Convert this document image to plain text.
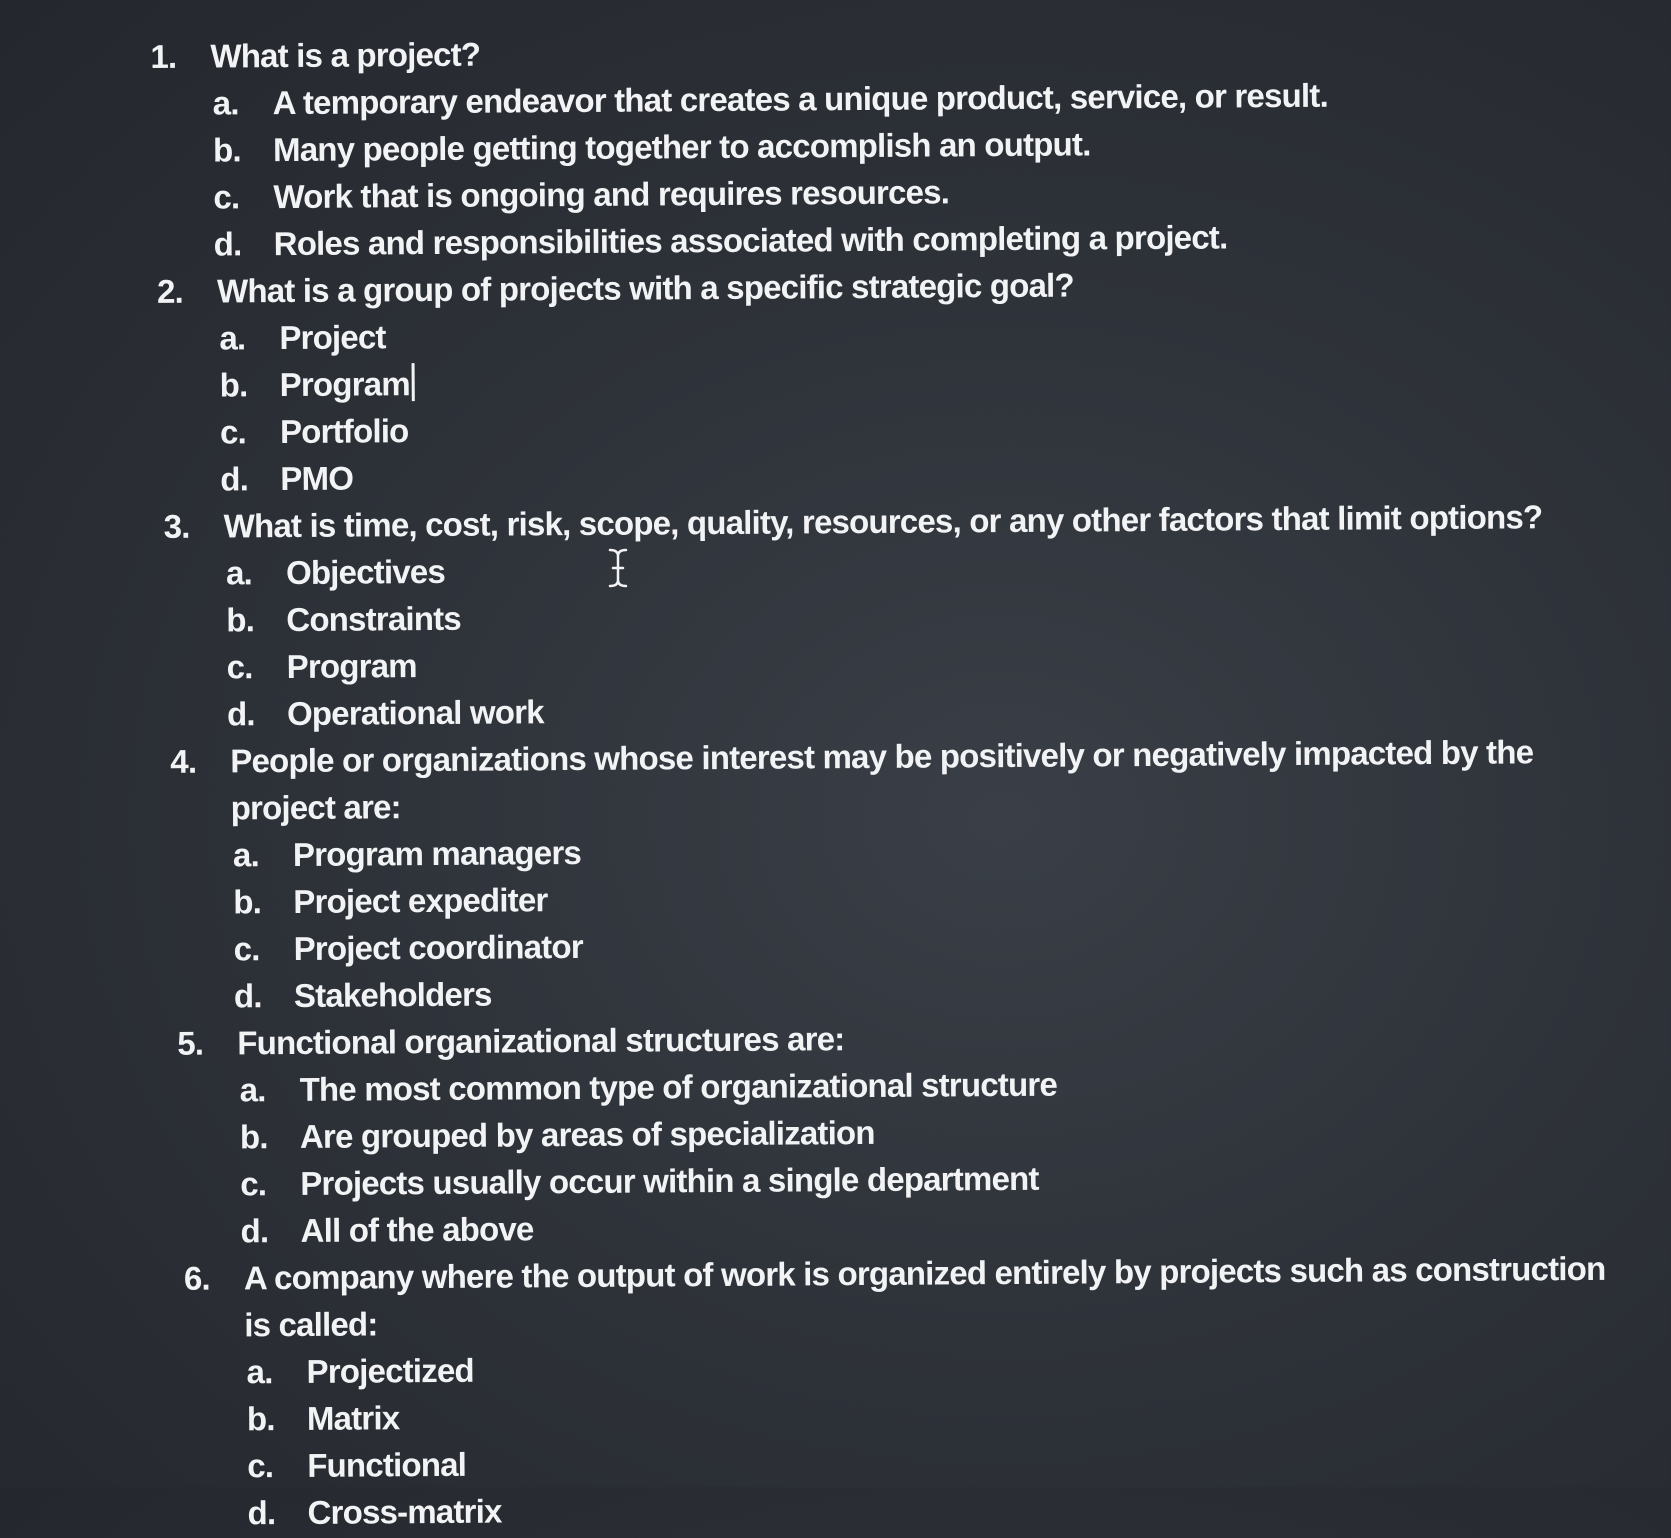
1. What is a project?
a. A temporary endeavor that creates a unique product, service, or result.
b. Many people getting together to accomplish an output.
c. Work that is ongoing and requires resources.
d. Roles and responsibilities associated with completing a project.
2. What is a group of projects with a specific strategic goal?
a. Project
b. Program
c. Portfolio
d. PMO
3. What is time, cost, risk, scope, quality, resources, or any other factors that limit options?
a. Objectives
b. Constraints
c. Program
d. Operational work
4. People or organizations whose interest may be positively or negatively impacted by the project are:
a. Program managers
b. Project expediter
c. Project coordinator
d. Stakeholders
5. Functional organizational structures are:
a. The most common type of organizational structure
b. Are grouped by areas of specialization
c. Projects usually occur within a single department
d. All of the above
6. A company where the output of work is organized entirely by projects such as construction is called:
a. Projectized
b. Matrix
c. Functional
d. Cross-matrix
